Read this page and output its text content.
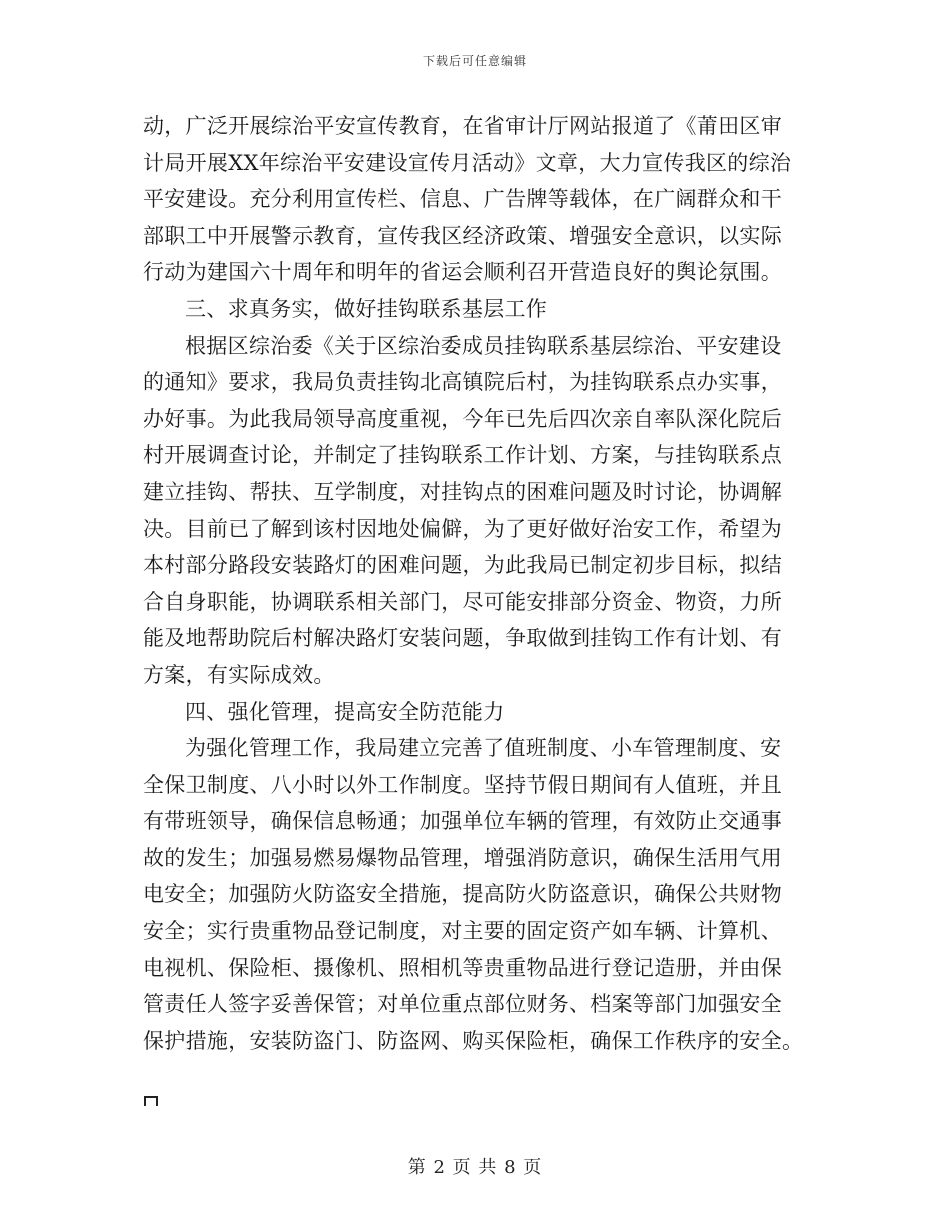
下载后可任意编辑
动，广泛开展综治平安宣传教育，在省审计厅网站报道了《莆田区审
计局开展XX年综治平安建设宣传月活动》文章，大力宣传我区的综治
平安建设。充分利用宣传栏、信息、广告牌等载体，在广阔群众和干
部职工中开展警示教育，宣传我区经济政策、增强安全意识，以实际
行动为建国六十周年和明年的省运会顺利召开营造良好的舆论氛围。
三、求真务实，做好挂钩联系基层工作
根据区综治委《关于区综治委成员挂钩联系基层综治、平安建设
的通知》要求，我局负责挂钩北高镇院后村，为挂钩联系点办实事，
办好事。为此我局领导高度重视，今年已先后四次亲自率队深化院后
村开展调查讨论，并制定了挂钩联系工作计划、方案，与挂钩联系点
建立挂钩、帮扶、互学制度，对挂钩点的困难问题及时讨论，协调解
决。目前已了解到该村因地处偏僻，为了更好做好治安工作，希望为
本村部分路段安装路灯的困难问题，为此我局已制定初步目标，拟结
合自身职能，协调联系相关部门，尽可能安排部分资金、物资，力所
能及地帮助院后村解决路灯安装问题，争取做到挂钩工作有计划、有
方案，有实际成效。
四、强化管理，提高安全防范能力
为强化管理工作，我局建立完善了值班制度、小车管理制度、安
全保卫制度、八小时以外工作制度。坚持节假日期间有人值班，并且
有带班领导，确保信息畅通；加强单位车辆的管理，有效防止交通事
故的发生；加强易燃易爆物品管理，增强消防意识，确保生活用气用
电安全；加强防火防盗安全措施，提高防火防盗意识，确保公共财物
安全；实行贵重物品登记制度，对主要的固定资产如车辆、计算机、
电视机、保险柜、摄像机、照相机等贵重物品进行登记造册，并由保
管责任人签字妥善保管；对单位重点部位财务、档案等部门加强安全
保护措施，安装防盗门、防盗网、购买保险柜，确保工作秩序的安全。
第 2 页 共 8 页
